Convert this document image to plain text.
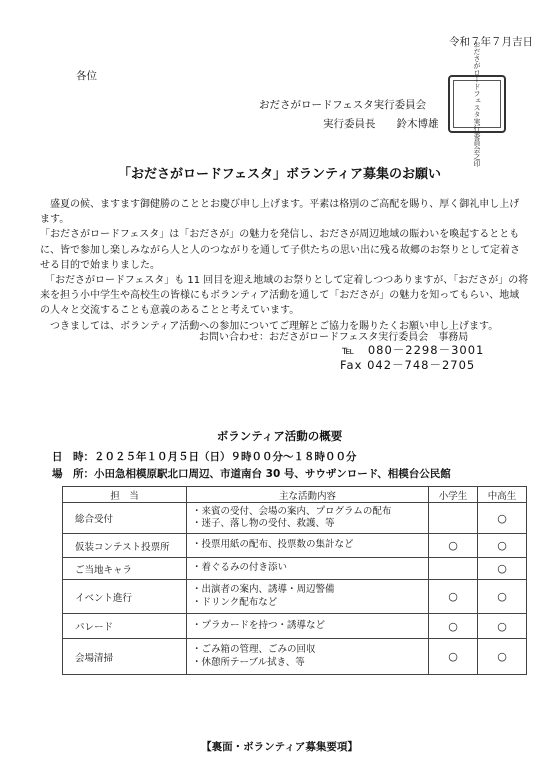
令和７年７月吉日
各位
おださがロードフェスタ実行委員会
実行委員長　　鈴木博雄	おださがロードフェスタ実行委員会之印
「おださがロードフェスタ」ボランティア募集のお願い

　盛夏の候、ますます御健勝のこととお慶び申し上げます。平素は格別のご高配を賜り、厚く御礼申し上げます。

「おださがロードフェスタ」は「おださが」の魅力を発信し、おださが周辺地域の賑わいを喚起するとともに、皆で参加し楽しみながら人と人のつながりを通して子供たちの思い出に残る故郷のお祭りとして定着させる目的で始まりました。

　「おださがロードフェスタ」も 11 回目を迎え地域のお祭りとして定着しつつありますが、「おださが」の将来を担う小中学生や高校生の皆様にもボランティア活動を通して「おださが」の魅力を知ってもらい、地域の人々と交流することも意義のあることと考えています。

　つきましては、ボランティア活動への参加についてご理解とご協力を賜りたくお願い申し上げます。

お問い合わせ：おださがロードフェスタ実行委員会　事務局
℡　080－2298－3001
Fax 042－748－2705
ボランティア活動の概要
日　時：２０２５年１０月５日（日）９時００分～１８時００分
場　所：小田急相模原駅北口周辺、市道南台 30 号、サウザンロード、相模台公民館
担　当	主な活動内容	小学生	中高生
総合受付	・来賓の受付、会場の案内、プログラムの配布
・迷子、落し物の受付、救護、等		○
仮装コンテスト投票所	・投票用紙の配布、投票数の集計など	○	○
ご当地キャラ	・着ぐるみの付き添い		○
イベント進行	・出演者の案内、誘導・周辺警備
・ドリンク配布など	○	○
パレード	・プラカードを持つ・誘導など	○	○
会場清掃	・ごみ箱の管理、ごみの回収
・休憩所テーブル拭き、等	○	○
【裏面・ボランティア募集要項】
